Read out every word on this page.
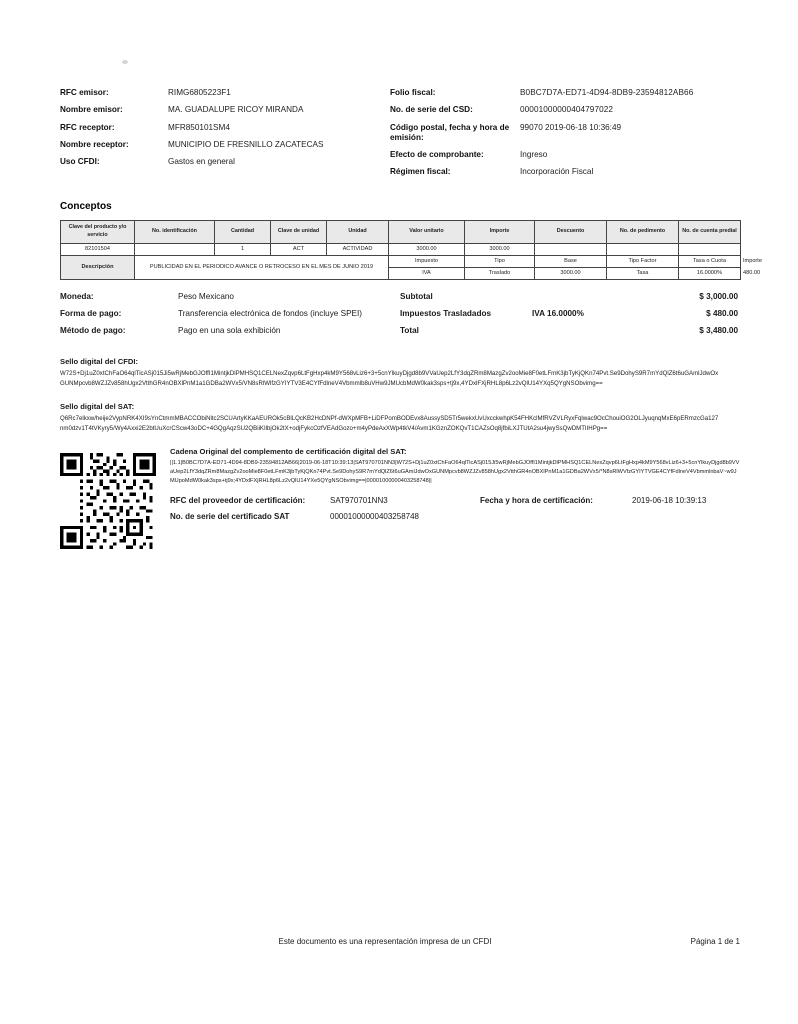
RFC emisor:	RIMG6805223F1
Nombre emisor:	MA. GUADALUPE RICOY MIRANDA
RFC receptor:	MFR850101SM4
Nombre receptor:	MUNICIPIO DE FRESNILLO ZACATECAS
Uso CFDI:	Gastos en general
Folio fiscal:	B0BC7D7A-ED71-4D94-8DB9-23594812AB66
No. de serie del CSD:	00001000000404797022
Código postal, fecha y hora de emisión:
99070 2019-06-18 10:36:49
Efecto de comprobante:	Ingreso
Régimen fiscal:	Incorporación Fiscal
Conceptos
Clave del producto y/o servicio	No. identificación	Cantidad	Clave de unidad	Unidad	Valor unitario	Importe	Descuento	No. de pedimento	No. de cuenta predial	
82101504		1	ACT	ACTIVIDAD	3000.00	3000.00				
Descripción	PUBLICIDAD EN EL PERIODICO AVANCE O RETROCESO EN EL MES DE JUNIO 2019				Impuesto	Tipo	Base	Tipo Factor	Tasa o Cuota	Importe
					IVA	Traslado	3000.00	Tasa	16.0000%	480.00
Moneda:	Peso Mexicano
Forma de pago:	Transferencia electrónica de fondos (incluye SPEI)
Método de pago:	Pago en una sola exhibición
Subtotal	$ 3,000.00
Impuestos Trasladados	IVA 16.0000%	$ 480.00
Total	$ 3,480.00
Sello digital del CFDI:
W72S+Dj1uZ0xtChFaO64qlTicASj015Ji5wRjMebGJOffI1MintjkDlPMHSQ1CELNexZqvp6LtFgHxp4kM9Y568vLiz6+3+5cnYlkuyDjgd8b9VVaUep2LfY3dqZRm8MazgZv2ooMie8F0etLFmK3jbTyKjQKn74Pvt.Se9DohyS9R7mYdQlZ6t6uGAmlJdwOxGUNMpcvb8WZJZv858hUgx2VtthGR4nOBXlPnM1a1GDBa2WVx5/VN8sRlWlfzGYIYTV3E4CYfFdlneV4Vbmmlb8uVHw9JMUcbMdW0kak3sps+tj9x,4YDxlFXjRHL8p6Lz2vQlU14YXq5QYgNSObvimg==
Sello digital del SAT:
Q6Rc7elkxw/heije2VypNRK4XI9sYnCtmmMBACCObiNltc2SCUArtyKKaAEUROk5cBlLQcKB2HcDNPf-dWXpMFB+LiDFPomBODEvx8AussySD5Tr5wekxUvUxcckwhpK54FHKclMfRVZVLRyxFqlwac9OcChouiOG2OLJyuqnqMxE6pERmzcGa127nm0dzv1T4tVKyry5/Wy4Axxi2E2btUuXcrCScw43oDC+4GQgAqzSU2QBiiKIlbjOk2tX+odjFykcOzfVEAdGozo+m4yPdeAxXWp4tkV4/Avm1KGznZOKQvT1CAZsOq8jfbiLXJTUtA2su4jwySsQwDMTIIHPg==
Cadena Original del complemento de certificación digital del SAT:
||1.1|B0BC7D7A-ED71-4D94-8DB9-23594812AB66|2019-06-18T10:39:13|SAT970701NN3|W72S+Dj1uZ0xtChFaO64qlTicASj015Ji5wRjMebGJOffI1MintjkDlPMHSQ1CELNexZqvp6LtFgHxp4kM9Y568vLiz6+3+5cnYlkuyDjgd8b9VVaUep2LfY3dqZRm8MazgZv2ooMie8F0etLFmK3jbTyKjQKn74Pvt.Se9DohyS9R7mYdQlZ6t6uGAmlJdwOxGUNMpcvb8WZJZv858hUgx2VtthGR4nOBXlPnM1a1GDBa2WVx5/*N8sRlWVfzGYIYTVGE4CYfFdlneV4VbmmlnbaV~w9JMUpoMdW0kak3sps+tj9x;4YDxlFXjRHL8p6Lz2vQlU14YXe5QYgNSObvimg==|00001000000403258748||
RFC del proveedor de certificación:	SAT970701NN3	Fecha y hora de certificación:	2019-06-18 10:39:13
No. de serie del certificado SAT	00001000000403258748
Este documento es una representación impresa de un CFDI	Página 1 de 1
